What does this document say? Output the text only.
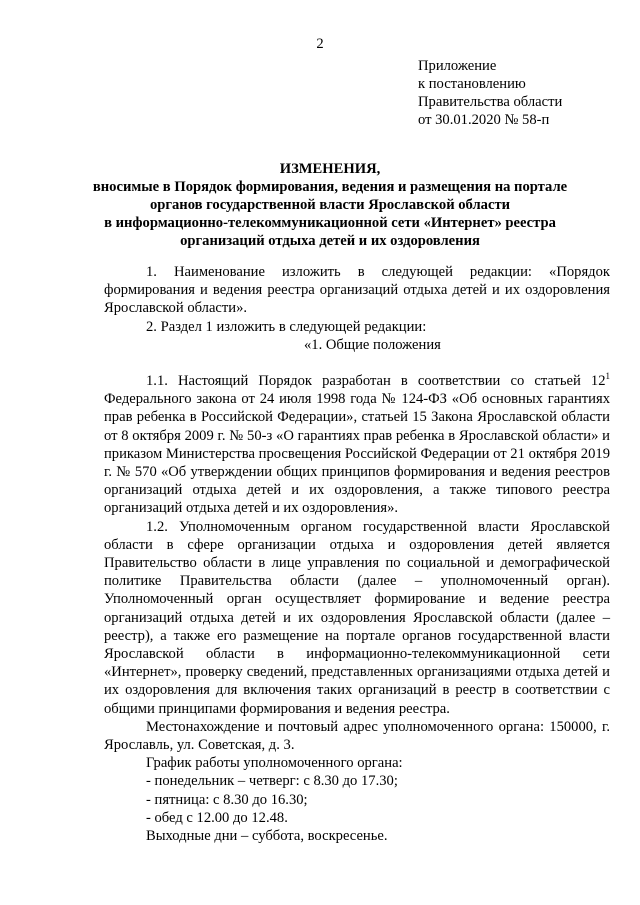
2
Приложение
к постановлению
Правительства области
от 30.01.2020 № 58-п
ИЗМЕНЕНИЯ,
вносимые в Порядок формирования, ведения и размещения на портале
органов государственной власти Ярославской области
в информационно-телекоммуникационной сети «Интернет» реестра
организаций отдыха детей и их оздоровления

1. Наименование изложить в следующей редакции: «Порядок формирования и ведения реестра организаций отдыха детей и их оздоровления Ярославской области».

2. Раздел 1 изложить в следующей редакции:

«1. Общие положения

1.1. Настоящий Порядок разработан в соответствии со статьей $12^1$ Федерального закона от 24 июля 1998 года № 124-ФЗ «Об основных гарантиях прав ребенка в Российской Федерации», статьей 15 Закона Ярославской области от 8 октября 2009 г. № 50-з «О гарантиях прав ребенка в Ярославской области» и приказом Министерства просвещения Российской Федерации от 21 октября 2019 г. № 570 «Об утверждении общих принципов формирования и ведения реестров организаций отдыха детей и их оздоровления, а также типового реестра организаций отдыха детей и их оздоровления».

1.2. Уполномоченным органом государственной власти Ярославской области в сфере организации отдыха и оздоровления детей является Правительство области в лице управления по социальной и демографической политике Правительства области (далее – уполномоченный орган). Уполномоченный орган осуществляет формирование и ведение реестра организаций отдыха детей и их оздоровления Ярославской области (далее – реестр), а также его размещение на портале органов государственной власти Ярославской области в информационно-телекоммуникационной сети «Интернет», проверку сведений, представленных организациями отдыха детей и их оздоровления для включения таких организаций в реестр в соответствии с общими принципами формирования и ведения реестра.

Местонахождение и почтовый адрес уполномоченного органа: 150000, г. Ярославль, ул. Советская, д. 3.

График работы уполномоченного органа:

- понедельник – четверг: с 8.30 до 17.30;

- пятница: с 8.30 до 16.30;

- обед с 12.00 до 12.48.

Выходные дни – суббота, воскресенье.
